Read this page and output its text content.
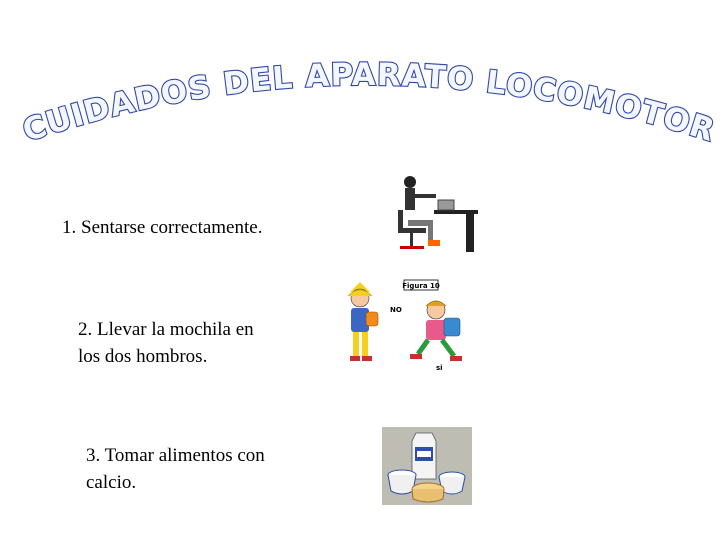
CUIDADOS DEL APARATO LOCOMOTOR
1. Sentarse correctamente.
2. Llevar la mochila en
los dos hombros.
Figura 10
NO
si
3. Tomar alimentos con
calcio.
